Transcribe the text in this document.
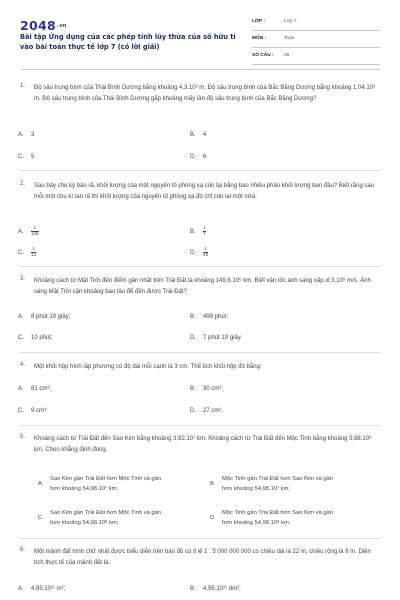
$2048^{.vn}$
Bài tập Ứng dụng của các phép tính lũy thừa của số hữu tỉ vào bài toán thực tế lớp 7 (có lời giải)
LỚP :	Lớp 7
MÔN :	Toán
SỐ CÂU : 25
1. Độ sâu trung bình của Thái Bình Dương bằng khoảng 4,3.10³ m. Độ sâu trung bình của Bắc Băng Dương bằng khoảng 1,04.10³ m. Độ sâu trung bình của Thái Bình Dương gấp khoảng mấy lần độ sâu trung bình của Bắc Băng Dương?
A. 3	B. 4
C. 5	D. 6
2. Sau bảy chu kỳ bán rã, khối lượng của một nguyên tố phóng xạ còn lại bằng bao nhiêu phần khối lượng ban đầu? Biết rằng sau mỗi một chu kì tan rã thì khối lượng của nguyên tố phóng xạ đó chỉ còn lại một nửa.
A. $\frac{1}{128}$	B. $\frac{1}{7}$
C. $\frac{1}{14}$	D. $\frac{1}{49}$
3. Khoảng cách từ Mặt Trời đến điểm gần nhất trên Trái Đất là khoảng 149,6.10⁶ km. Biết vận tốc ánh sáng xấp xỉ 3.10⁸ m/s. Ánh sáng Mặt Trời cần khoảng bao lâu để đến được Trái Đất?
A. 8 phút 19 giây;	B. 499 phút;
C. 10 phút;	D. 7 phút 19 giây.
4. Một khối hộp hình lập phương có độ dài mỗi cạnh là 3 cm. Thể tích khối hộp đó bằng:
A. 81 cm³;	B. 30 cm³;
C. 9 cm³;	D. 27 cm³.
5. Khoảng cách từ Trái Đất đến Sao Kim bằng khoảng 3,82.10⁷ km. Khoảng cách từ Trái Đất đến Mộc Tinh bằng khoảng 5,88.10⁸ km. Chọn khẳng định đúng.
A.
Sao Kim gần Trái Đất hơn Mộc Tinh và gần
hơn khoảng 54,98.10⁷ km;
B.
Mộc Tinh gần Trái Đất hơn Sao Kim và gần
hơn khoảng 54,98.10⁷ km;
C.
Sao Kim gần Trái Đất hơn Mộc Tinh và gần
hơn khoảng 54,98.10⁸ km;
D.
Mộc Tinh gần Trái Đất hơn Sao Kim và gần
hơn khoảng 54,98.10⁸ km.
6. Một mảnh đất hình chữ nhật được biểu diễn trên bản đồ có tỉ lệ 1 : 5 000 000 000 có chiều dài là 22 m, chiều rộng là 9 m. Diện tích thực tế của mảnh đất là:
A. 4,95.10²¹ m²;	B. 4,95.10²¹ dm²;
